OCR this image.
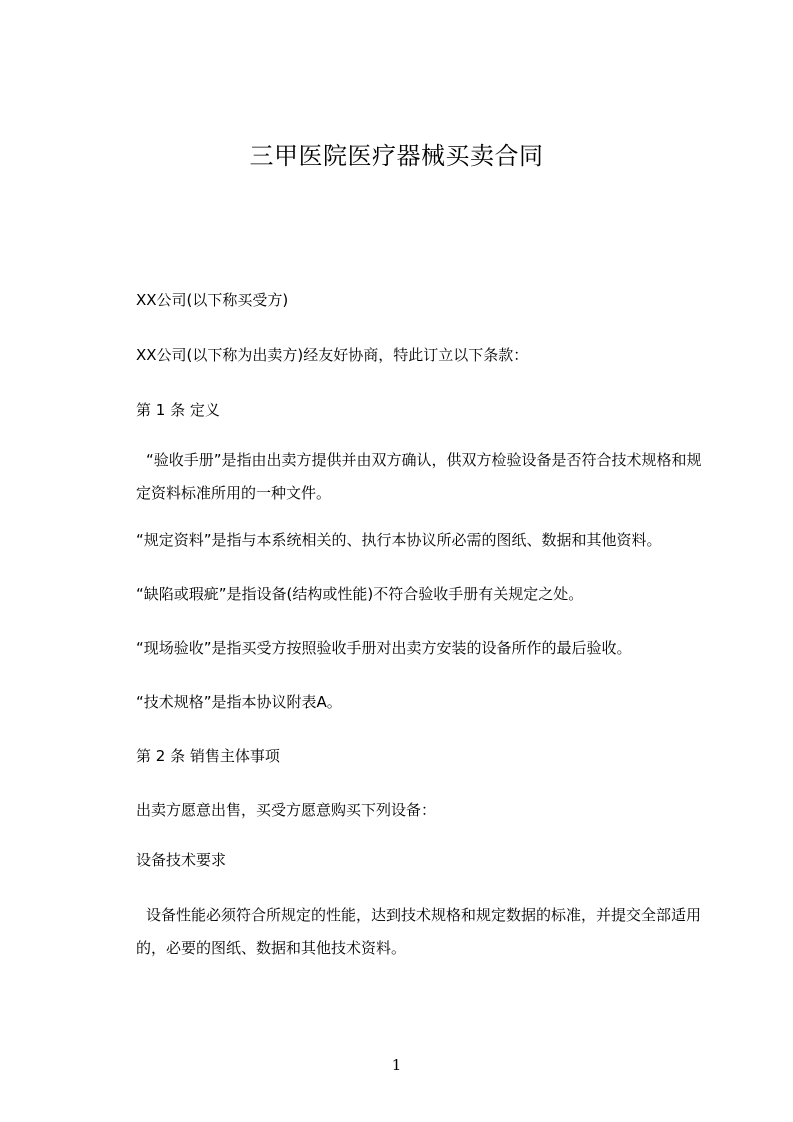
三甲医院医疗器械买卖合同
XX公司(以下称买受方)
XX公司(以下称为出卖方)经友好协商，特此订立以下条款：
第 1 条 定义
“验收手册”是指由出卖方提供并由双方确认，供双方检验设备是否符合技术规格和规定资料标准所用的一种文件。
“规定资料”是指与本系统相关的、执行本协议所必需的图纸、数据和其他资料。
“缺陷或瑕疵”是指设备(结构或性能)不符合验收手册有关规定之处。
“现场验收”是指买受方按照验收手册对出卖方安装的设备所作的最后验收。
“技术规格”是指本协议附表A。
第 2 条 销售主体事项
出卖方愿意出售，买受方愿意购买下列设备：
设备技术要求
设备性能必须符合所规定的性能，达到技术规格和规定数据的标准，并提交全部适用的，必要的图纸、数据和其他技术资料。
1
